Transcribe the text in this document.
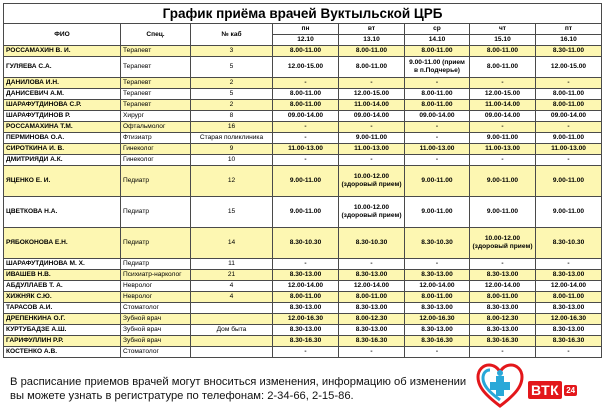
График приёма врачей Вуктыльской ЦРБ							
ФИО	Спец.	№ каб	пн	вт	ср	чт	пт
			12.10	13.10	14.10	15.10	16.10
РОССАМАХИН В. И.	Терапевт	3	8.00-11.00	8.00-11.00	8.00-11.00	8.00-11.00	8.30-11.00
ГУЛЯЕВА С.А.	Терапевт	5	12.00-15.00	8.00-11.00	9.00-11.00 (прием в п.Подчерье)	8.00-11.00	12.00-15.00
ДАНИЛОВА И.Н.	Терапевт	2	-	-	-	-	-
ДАНИСЕВИЧ А.М.	Терапевт	5	8.00-11.00	12.00-15.00	8.00-11.00	12.00-15.00	8.00-11.00
ШАРАФУТДИНОВА С.Р.	Терапевт	2	8.00-11.00	11.00-14.00	8.00-11.00	11.00-14.00	8.00-11.00
ШАРАФУТДИНОВ Р.	Хирург	8	09.00-14.00	09.00-14.00	09.00-14.00	09.00-14.00	09.00-14.00
РОССАМАХИНА Т.М.	Офтальмолог	16	-	-	-	-	-
ПЕРМИНОВА О.А.	Фтизиатр	Старая поликлиника	-	9.00-11.00	-	9.00-11.00	9.00-11.00
СИРОТКИНА И. В.	Гинеколог	9	11.00-13.00	11.00-13.00	11.00-13.00	11.00-13.00	11.00-13.00
ДМИТРИЯДИ А.К.	Гинеколог	10	-	-	-	-	-
ЯЦЕНКО Е. И.	Педиатр	12	9.00-11.00	10.00-12.00 (здоровый прием)	9.00-11.00	9.00-11.00	9.00-11.00
ЦВЕТКОВА Н.А.	Педиатр	15	9.00-11.00	10.00-12.00 (здоровый прием)	9.00-11.00	9.00-11.00	9.00-11.00
РЯБОКОНОВА Е.Н.	Педиатр	14	8.30-10.30	8.30-10.30	8.30-10.30	10.00-12.00 (здоровый прием)	8.30-10.30
ШАРАФУТДИНОВА М. Х.	Педиатр	11	-	-	-	-	-
ИВАШЕВ Н.В.	Психиатр-нарколог	21	8.30-13.00	8.30-13.00	8.30-13.00	8.30-13.00	8.30-13.00
АБДУЛЛАЕВ Т. А.	Невролог	4	12.00-14.00	12.00-14.00	12.00-14.00	12.00-14.00	12.00-14.00
ХИЖНЯК С.Ю.	Невролог	4	8.00-11.00	8.00-11.00	8.00-11.00	8.00-11.00	8.00-11.00
ТАРАСОВ А.И.	Стоматолог		8.30-13.00	8.30-13.00	8.30-13.00	8.30-13.00	8.30-13.00
ДРЕПЕНКИНА О.Г.	Зубной врач		12.00-16.30	8.00-12.30	12.00-16.30	8.00-12.30	12.00-16.30
КУРТУБАДЗЕ А.Ш.	Зубной врач	Дом быта	8.30-13.00	8.30-13.00	8.30-13.00	8.30-13.00	8.30-13.00
ГАРИФУЛЛИН Р.Р.	Зубной врач		8.30-16.30	8.30-16.30	8.30-16.30	8.30-16.30	8.30-16.30
КОСТЕНКО А.В.	Стоматолог		-	-	-	-	-
В расписание приемов врачей могут вноситься изменения, информацию об изменении вы можете узнать в регистратуре по телефонам: 2-34-66, 2-15-86.	ВТК 24
